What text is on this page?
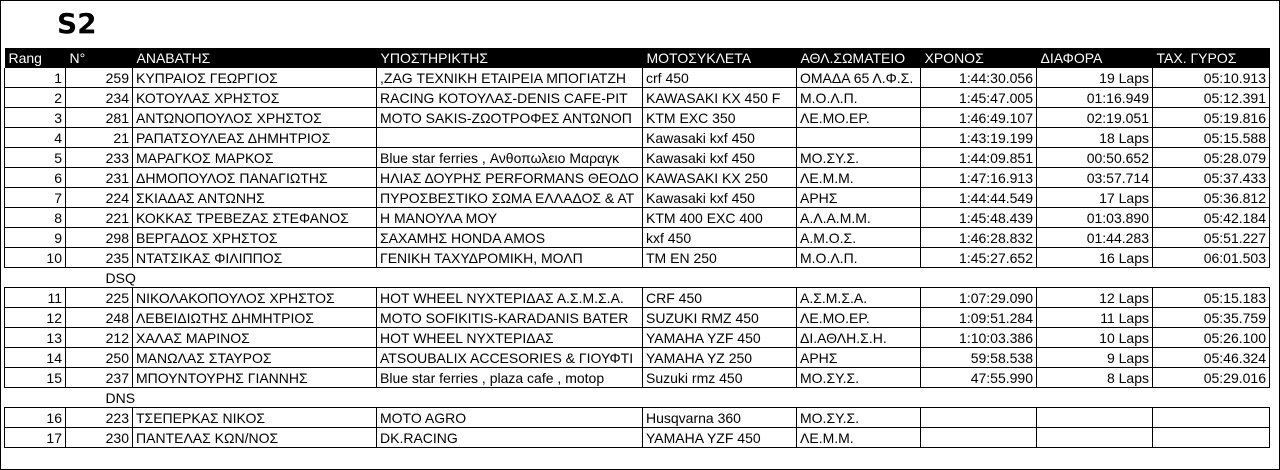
S2
Rang	N°	ΑΝΑΒΑΤΗΣ	ΥΠΟΣΤΗΡΙΚΤΗΣ	ΜΟΤΟΣΥΚΛΕΤΑ	ΑΘΛ.ΣΩΜΑΤΕΙΟ	ΧΡΟΝΟΣ	ΔΙΑΦΟΡΑ	ΤΑΧ. ΓΥΡΟΣ
1	259	ΚΥΠΡΑΙΟΣ ΓΕΩΡΓΙΟΣ	,ZAG ΤΕΧΝΙΚΗ ΕΤΑΙΡΕΙΑ ΜΠΟΓΙΑΤΖΗ	crf 450	ΟΜΑΔΑ 65 Λ.Φ.Σ.	1:44:30.056	19 Laps	05:10.913
2	234	ΚΟΤΟΥΛΑΣ ΧΡΗΣΤΟΣ	RACING ΚΟΤΟΥΛΑΣ-DENIS CAFE-PIT	KAWASAKI KX 450 F	Μ.Ο.Λ.Π.	1:45:47.005	01:16.949	05:12.391
3	281	ΑΝΤΩΝΟΠΟΥΛΟΣ ΧΡΗΣΤΟΣ	MOTO SAKIS-ΖΩΟΤΡΟΦΕΣ ΑΝΤΩΝΟΠ	KTM EXC 350	ΛΕ.ΜΟ.ΕΡ.	1:46:49.107	02:19.051	05:19.816
4	21	ΡΑΠΑΤΣΟΥΛΕΑΣ ΔΗΜΗΤΡΙΟΣ		Kawasaki kxf 450		1:43:19.199	18 Laps	05:15.588
5	233	ΜΑΡΑΓΚΟΣ ΜΑΡΚΟΣ	Blue star ferries , Ανθοπωλειο Μαραγκ	Kawasaki kxf 450	ΜΟ.ΣΥ.Σ.	1:44:09.851	00:50.652	05:28.079
6	231	ΔΗΜΟΠΟΥΛΟΣ ΠΑΝΑΓΙΩΤΗΣ	ΗΛΙΑΣ ΔΟΥΡΗΣ PERFORMANS ΘΕΟΔΟ	KAWASAKI KX 250	ΛΕ.Μ.Μ.	1:47:16.913	03:57.714	05:37.433
7	224	ΣΚΙΑΔΑΣ ΑΝΤΩΝΗΣ	ΠΥΡΟΣΒΕΣΤΙΚΟ ΣΩΜΑ ΕΛΛΑΔΟΣ & ΑΤ	Kawasaki kxf 450	ΑΡΗΣ	1:44:44.549	17 Laps	05:36.812
8	221	ΚΟΚΚΑΣ ΤΡΕΒΕΖΑΣ ΣΤΕΦΑΝΟΣ	Η ΜΑΝΟΥΛΑ ΜΟΥ	KTM 400 EXC 400	Α.Λ.Α.Μ.Μ.	1:45:48.439	01:03.890	05:42.184
9	298	ΒΕΡΓΑΔΟΣ ΧΡΗΣΤΟΣ	ΣΑΧΑΜΗΣ HONDA AMOS	kxf 450	Α.Μ.Ο.Σ.	1:46:28.832	01:44.283	05:51.227
10	235	ΝΤΑΤΣΙΚΑΣ ΦΙΛΙΠΠΟΣ	ΓΕΝΙΚΗ ΤΑΧΥΔΡΟΜΙΚΗ, ΜΟΛΠ	TM EN 250	Μ.Ο.Λ.Π.	1:45:27.652	16 Laps	06:01.503
	DSQ							
11	225	ΝΙΚΟΛΑΚΟΠΟΥΛΟΣ ΧΡΗΣΤΟΣ	HOT WHEEL ΝΥΧΤΕΡΙΔΑΣ Α.Σ.Μ.Σ.Α.	CRF 450	Α.Σ.Μ.Σ.Α.	1:07:29.090	12 Laps	05:15.183
12	248	ΛΕΒΕΙΔΙΩΤΗΣ ΔΗΜΗΤΡΙΟΣ	MOTO SOFIKITIS-KARADANIS BATER	SUZUKI RMZ 450	ΛΕ.ΜΟ.ΕΡ.	1:09:51.284	11 Laps	05:35.759
13	212	ΧΑΛΑΣ ΜΑΡΙΝΟΣ	HOT WHEEL ΝΥΧΤΕΡΙΔΑΣ	YAMAHA YZF 450	ΔΙ.ΑΘΛΗ.Σ.Η.	1:10:03.386	10 Laps	05:26.100
14	250	ΜΑΝΩΛΑΣ ΣΤΑΥΡΟΣ	ATSOUBALIX ACCESORIES & ΓΙΟΥΦΤΙ	YAMAHA YZ 250	ΑΡΗΣ	59:58.538	9 Laps	05:46.324
15	237	ΜΠΟΥΝΤΟΥΡΗΣ ΓΙΑΝΝΗΣ	Blue star ferries , plaza cafe , motop	Suzuki rmz 450	ΜΟ.ΣΥ.Σ.	47:55.990	8 Laps	05:29.016
	DNS							
16	223	ΤΣΕΠΕΡΚΑΣ ΝΙΚΟΣ	MOTO AGRO	Husqvarna 360	ΜΟ.ΣΥ.Σ.			
17	230	ΠΑΝΤΕΛΑΣ ΚΩΝ/ΝΟΣ	DK.RACING	YAMAHA YZF 450	ΛΕ.Μ.Μ.			
